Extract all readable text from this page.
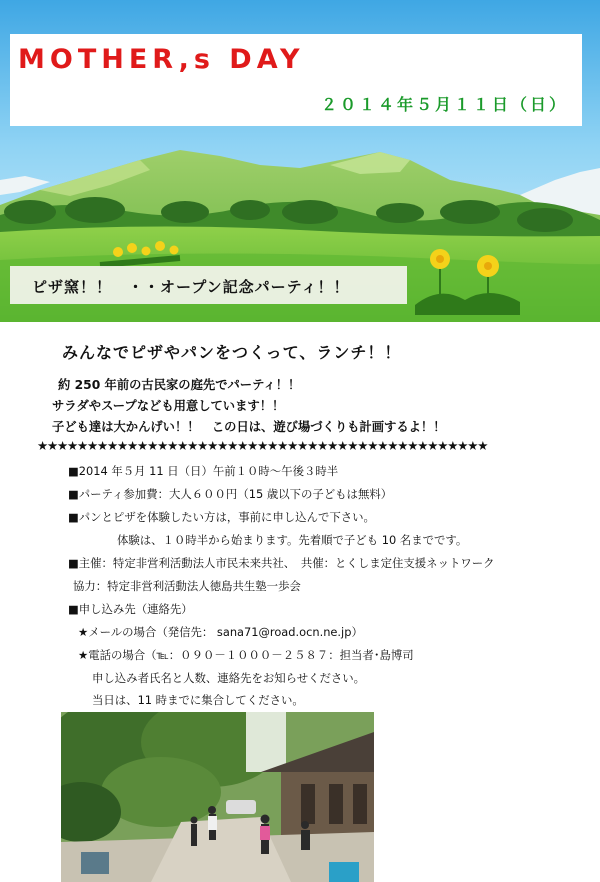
MOTHER,s DAY
２０１４年５月１１日（日）
ピザ窯！！　・・オープン記念パーティ！！
みんなでピザやパンをつくって、ランチ！！
約 250 年前の古民家の庭先でパーティ！！
サラダやスープなども用意しています！！
子ども達は大かんげい！！　この日は、遊び場づくりも計画するよ！！
★★★★★★★★★★★★★★★★★★★★★★★★★★★★★★★★★★★★★★★★★★★★★
■2014 年５月 11 日（日）午前１０時～午後３時半
■パーティ参加費：大人６００円（15 歳以下の子どもは無料）
■パンとピザを体験したい方は，事前に申し込んで下さい。
体験は、１０時半から始まります。先着順で子ども 10 名までです。
■主催：特定非営利活動法人市民未来共社、　共催：とくしま定住支援ネットワーク
協力：特定非営利活動法人徳島共生塾一歩会
■申し込み先（連絡先）
★メールの場合（発信先： sana71@road.ocn.ne.jp）
★電話の場合（℡：０９０－１０００－２５８７：担当者･島博司
申し込み者氏名と人数、連絡先をお知らせください。
当日は、11 時までに集合してください。
